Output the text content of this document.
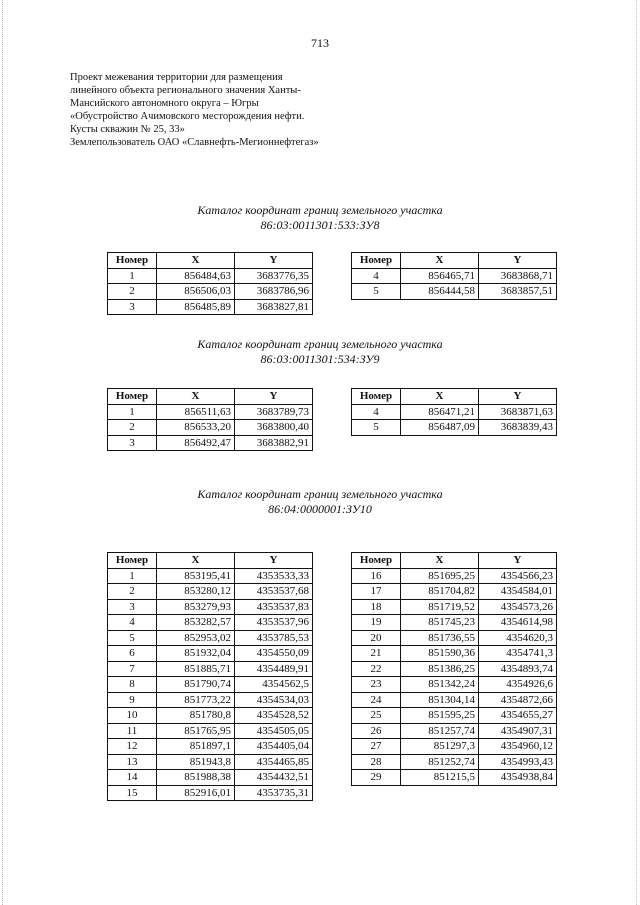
713
Проект межевания территории для размещения
линейного объекта регионального значения Ханты-
Мансийского автономного округа – Югры
«Обустройство Ачимовского месторождения нефти.
Кусты скважин № 25, 33»
Землепользователь ОАО «Славнефть-Мегионнефтегаз»
Каталог координат границ земельного участка
86:03:0011301:533:ЗУ8
Номер	X	Y
1	856484,63	3683776,35
2	856506,03	3683786,96
3	856485,89	3683827,81
Номер	X	Y
4	856465,71	3683868,71
5	856444,58	3683857,51
Каталог координат границ земельного участка
86:03:0011301:534:ЗУ9
Номер	X	Y
1	856511,63	3683789,73
2	856533,20	3683800,40
3	856492,47	3683882,91
Номер	X	Y
4	856471,21	3683871,63
5	856487,09	3683839,43
Каталог координат границ земельного участка
86:04:0000001:ЗУ10
Номер	X	Y
1	853195,41	4353533,33
2	853280,12	4353537,68
3	853279,93	4353537,83
4	853282,57	4353537,96
5	852953,02	4353785,53
6	851932,04	4354550,09
7	851885,71	4354489,91
8	851790,74	4354562,5
9	851773,22	4354534,03
10	851780,8	4354528,52
11	851765,95	4354505,05
12	851897,1	4354405,04
13	851943,8	4354465,85
14	851988,38	4354432,51
15	852916,01	4353735,31
Номер	X	Y
16	851695,25	4354566,23
17	851704,82	4354584,01
18	851719,52	4354573,26
19	851745,23	4354614,98
20	851736,55	4354620,3
21	851590,36	4354741,3
22	851386,25	4354893,74
23	851342,24	4354926,6
24	851304,14	4354872,66
25	851595,25	4354655,27
26	851257,74	4354907,31
27	851297,3	4354960,12
28	851252,74	4354993,43
29	851215,5	4354938,84
